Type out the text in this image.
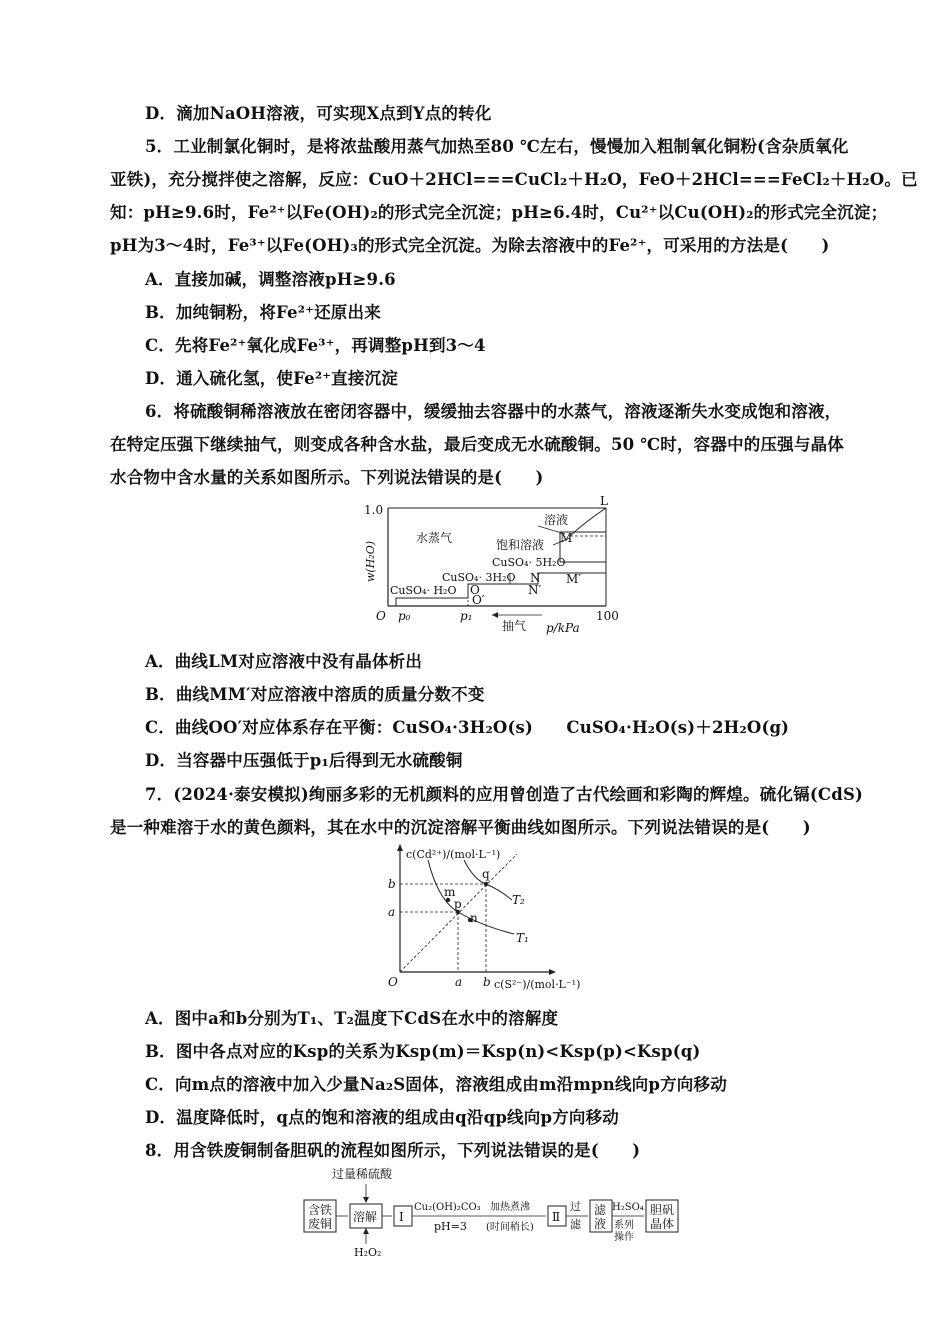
D．滴加NaOH溶液，可实现X点到Y点的转化
5．工业制氯化铜时，是将浓盐酸用蒸气加热至80 ℃左右，慢慢加入粗制氧化铜粉(含杂质氧化
亚铁)，充分搅拌使之溶解，反应：CuO＋2HCl===CuCl₂＋H₂O，FeO＋2HCl===FeCl₂＋H₂O。已
知：pH≥9.6时，Fe²⁺以Fe(OH)₂的形式完全沉淀；pH≥6.4时，Cu²⁺以Cu(OH)₂的形式完全沉淀；
pH为3～4时，Fe³⁺以Fe(OH)₃的形式完全沉淀。为除去溶液中的Fe²⁺，可采用的方法是(　　)
A．直接加碱，调整溶液pH≥9.6
B．加纯铜粉，将Fe²⁺还原出来
C．先将Fe²⁺氧化成Fe³⁺，再调整pH到3～4
D．通入硫化氢，使Fe²⁺直接沉淀
6．将硫酸铜稀溶液放在密闭容器中，缓缓抽去容器中的水蒸气，溶液逐渐失水变成饱和溶液，
在特定压强下继续抽气，则变成各种含水盐，最后变成无水硫酸铜。50 ℃时，容器中的压强与晶体
水合物中含水量的关系如图所示。下列说法错误的是(　　)
1.0
w(H₂O)
O p₀	p₁	100
p/kPa
抽气
水蒸气
溶液
饱和溶液
CuSO₄· 5H₂O
CuSO₄· 3H₂O
CuSO₄· H₂O
L
M
M′
N
N′
O
O′
A．曲线LM对应溶液中没有晶体析出
B．曲线MM′对应溶液中溶质的质量分数不变
C．曲线OO′对应体系存在平衡：CuSO₄·3H₂O(s)　　CuSO₄·H₂O(s)＋2H₂O(g)
D．当容器中压强低于p₁后得到无水硫酸铜
7．(2024·泰安模拟)绚丽多彩的无机颜料的应用曾创造了古代绘画和彩陶的辉煌。硫化镉(CdS)
是一种难溶于水的黄色颜料，其在水中的沉淀溶解平衡曲线如图所示。下列说法错误的是(　　)
c(Cd²⁺)/(mol·L⁻¹)
c(S²⁻)/(mol·L⁻¹)
O
b
a
a b
T₁
T₂
m
p
n
q
A．图中a和b分别为T₁、T₂温度下CdS在水中的溶解度
B．图中各点对应的Ksp的关系为Ksp(m)＝Ksp(n)<Ksp(p)<Ksp(q)
C．向m点的溶液中加入少量Na₂S固体，溶液组成由m沿mpn线向p方向移动
D．温度降低时，q点的饱和溶液的组成由q沿qp线向p方向移动
8．用含铁废铜制备胆矾的流程如图所示，下列说法错误的是(　　)
过量稀硫酸
含铁
废铜 溶解
H₂O₂
Ⅰ
Cu₂(OH)₂CO₃
pH=3
加热煮沸
(时间稍长)
Ⅱ
过
滤
滤
液
H₂SO₄
系列
操作
胆矾
晶体
